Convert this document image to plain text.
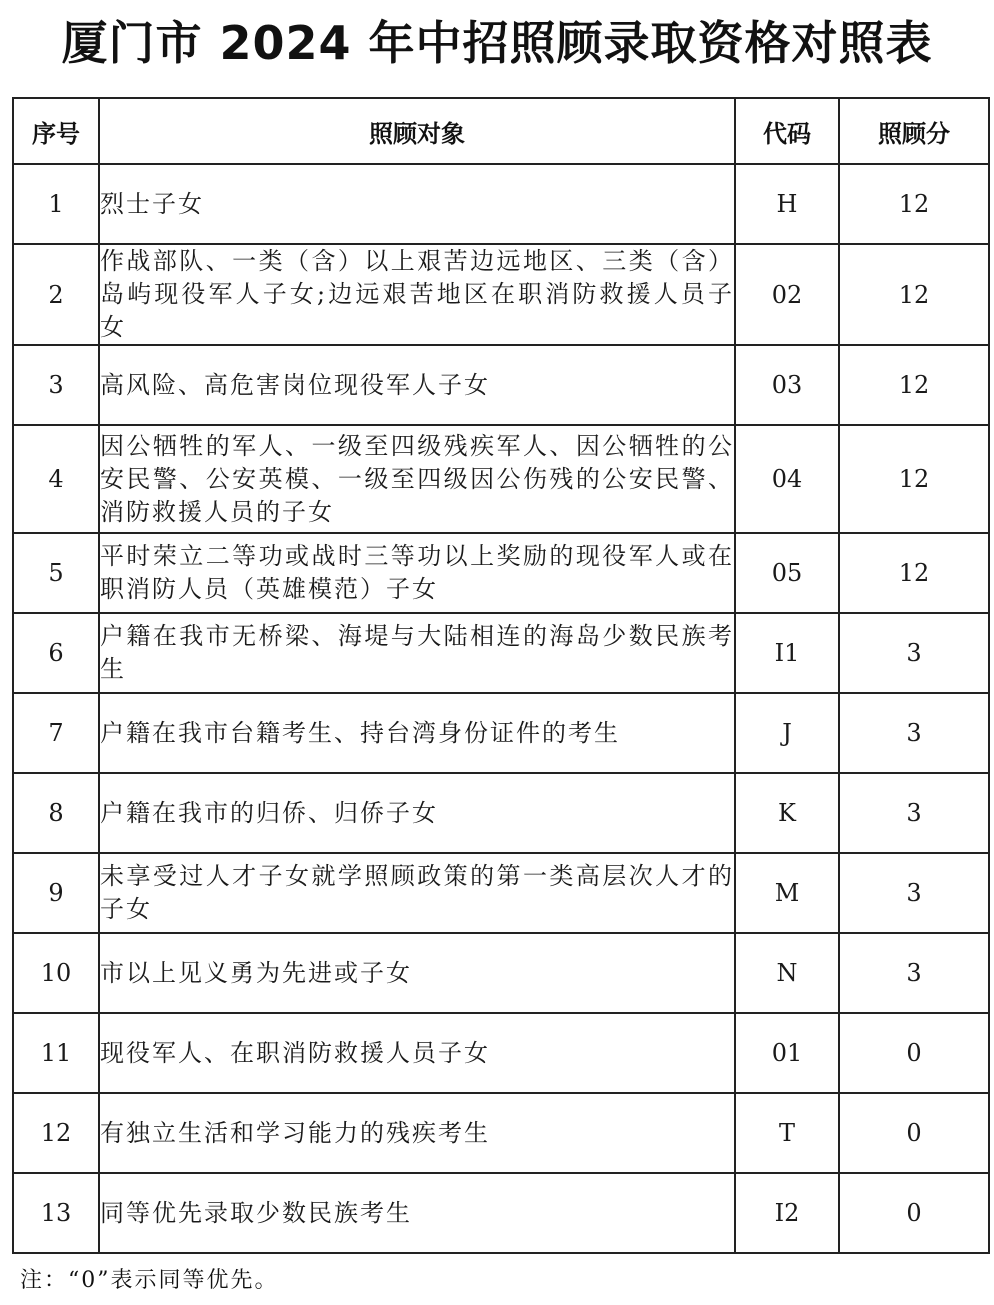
厦门市 2024 年中招照顾录取资格对照表
序号	照顾对象	代码	照顾分
1	烈士子女	H	12
2	作战部队、一类（含）以上艰苦边远地区、三类（含）岛屿现役军人子女;边远艰苦地区在职消防救援人员子女	02	12
3	高风险、高危害岗位现役军人子女	03	12
4	因公牺牲的军人、一级至四级残疾军人、因公牺牲的公安民警、公安英模、一级至四级因公伤残的公安民警、消防救援人员的子女	04	12
5	平时荣立二等功或战时三等功以上奖励的现役军人或在职消防人员（英雄模范）子女	05	12
6	户籍在我市无桥梁、海堤与大陆相连的海岛少数民族考生	I1	3
7	户籍在我市台籍考生、持台湾身份证件的考生	J	3
8	户籍在我市的归侨、归侨子女	K	3
9	未享受过人才子女就学照顾政策的第一类高层次人才的子女	M	3
10	市以上见义勇为先进或子女	N	3
11	现役军人、在职消防救援人员子女	01	0
12	有独立生活和学习能力的残疾考生	T	0
13	同等优先录取少数民族考生	I2	0
注：“0”表示同等优先。
